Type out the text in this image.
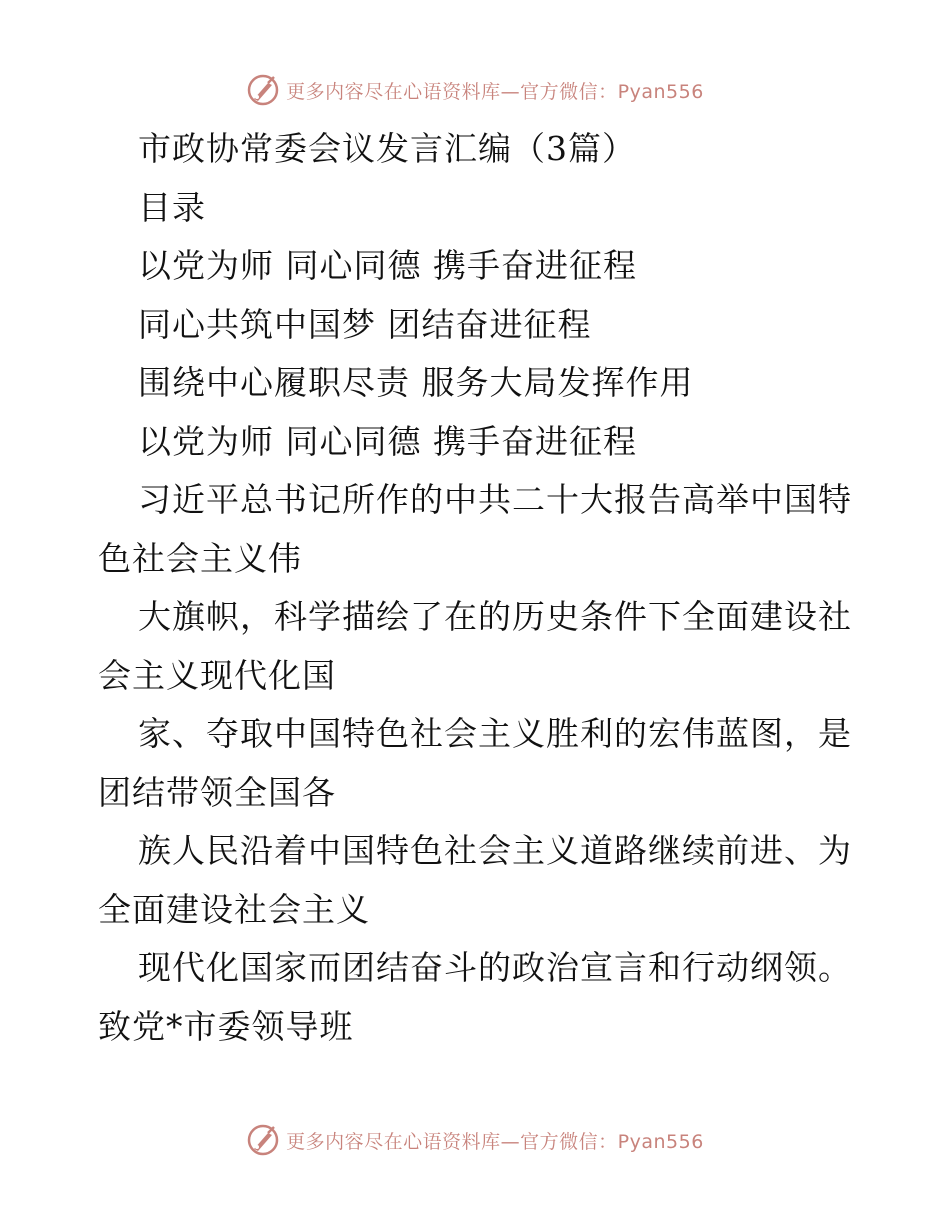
更多内容尽在心语资料库—官方微信：Pyan556
市政协常委会议发言汇编（3篇）
目录
以党为师 同心同德 携手奋进征程
同心共筑中国梦 团结奋进征程
围绕中心履职尽责 服务大局发挥作用
以党为师 同心同德 携手奋进征程
习近平总书记所作的中共二十大报告高举中国特
色社会主义伟
大旗帜，科学描绘了在的历史条件下全面建设社
会主义现代化国
家、夺取中国特色社会主义胜利的宏伟蓝图，是
团结带领全国各
族人民沿着中国特色社会主义道路继续前进、为
全面建设社会主义
现代化国家而团结奋斗的政治宣言和行动纲领。
致党*市委领导班
更多内容尽在心语资料库—官方微信：Pyan556
